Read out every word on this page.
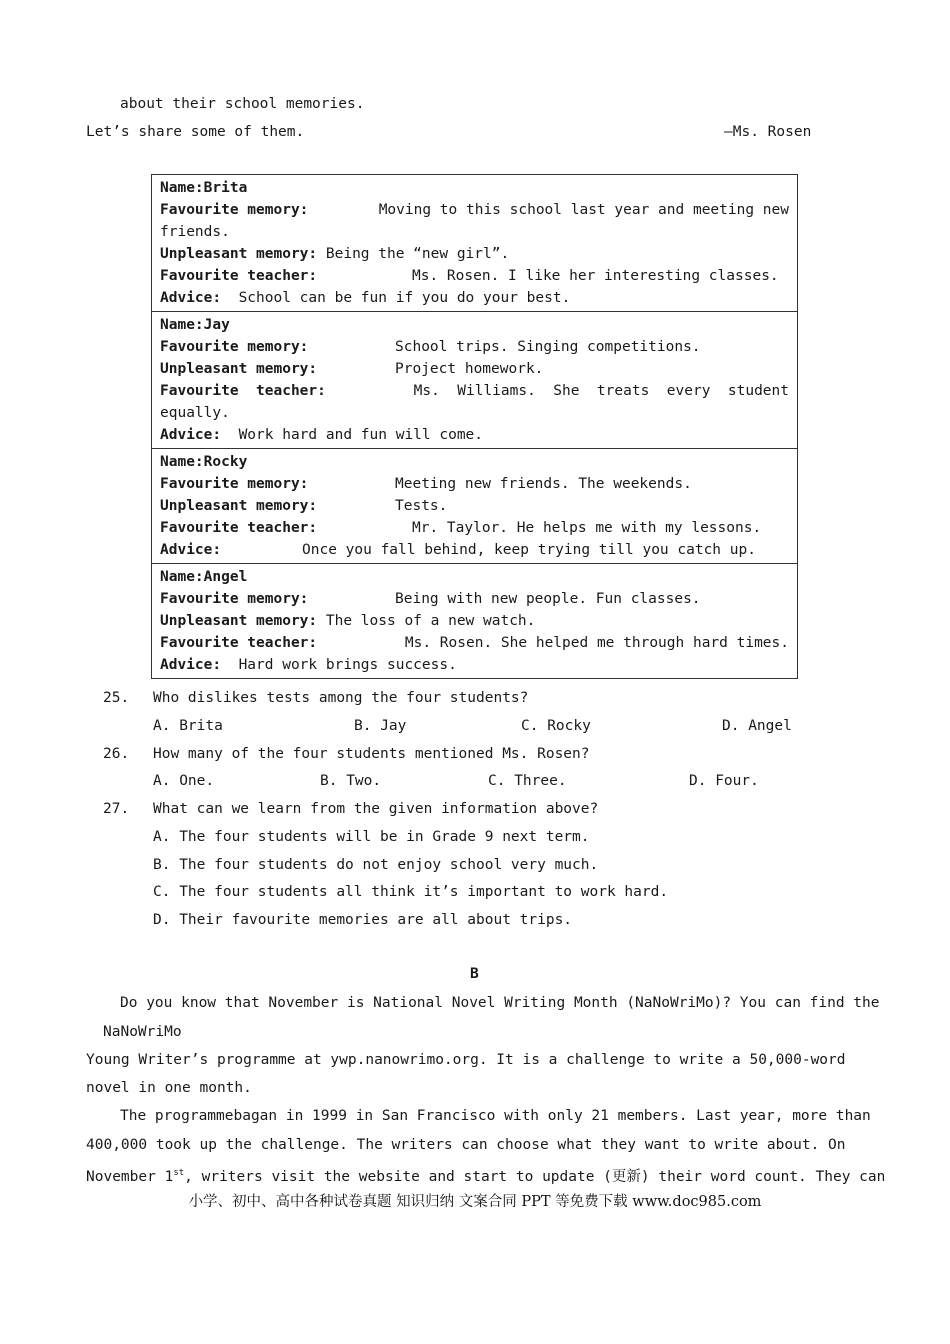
about their school memories.
Let’s share some of them.	—Ms. Rosen
Name:Brita
Favourite memory:	Moving to this school last year and meeting new
friends.
Unpleasant memory: Being the “new girl”.
Favourite teacher:	Ms. Rosen. I like her interesting classes.
Advice:	School can be fun if you do your best.
Name:Jay
Favourite memory:	School trips. Singing competitions.
Unpleasant memory:	Project homework.
Favourite  teacher:	Ms.  Williams.  She  treats  every  student
equally.
Advice:	Work hard and fun will come.
Name:Rocky
Favourite memory:	Meeting new friends. The weekends.
Unpleasant memory:	Tests.
Favourite teacher:	Mr. Taylor. He helps me with my lessons.
Advice:	Once you fall behind, keep trying till you catch up.
Name:Angel
Favourite memory:	Being with new people. Fun classes.
Unpleasant memory: The loss of a new watch.
Favourite teacher:	Ms. Rosen. She helped me through hard times.
Advice:	Hard work brings success.
25. Who dislikes tests among the four students?
A. Brita	B. Jay	C. Rocky	D. Angel
26. How many of the four students mentioned Ms. Rosen?
A. One.	B. Two.	C. Three.	D. Four.
27. What can we learn from the given information above?
A. The four students will be in Grade 9 next term.
B. The four students do not enjoy school very much.
C. The four students all think it’s important to work hard.
D. Their favourite memories are all about trips.
B
Do you know that November is National Novel Writing Month (NaNoWriMo)? You can find the
NaNoWriMo
Young Writer’s programme at ywp.nanowrimo.org. It is a challenge to write a 50,000-word
novel in one month.
The programmebagan in 1999 in San Francisco with only 21 members. Last year, more than
400,000 took up the challenge. The writers can choose what they want to write about. On
November 1st, writers visit the website and start to update (更新) their word count. They can
小学、初中、高中各种试卷真题 知识归纳 文案合同 PPT 等免费下载 www.doc985.com
